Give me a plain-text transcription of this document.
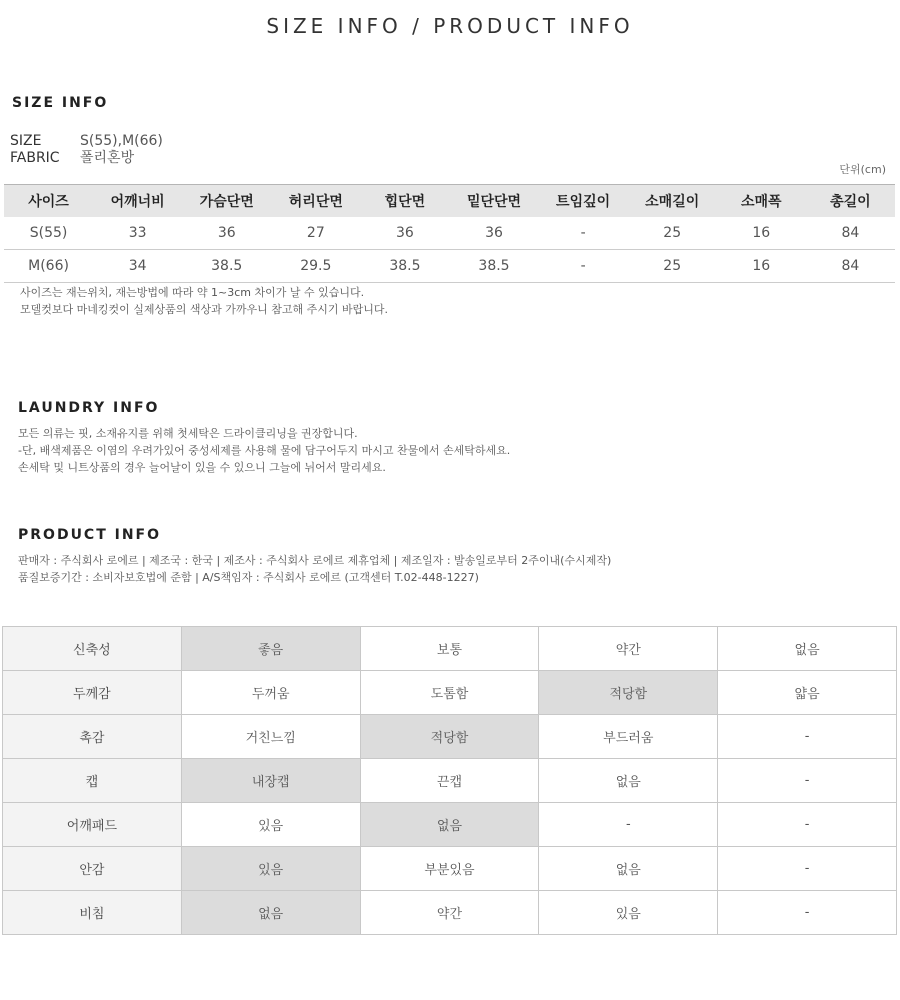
SIZE INFO / PRODUCT INFO
SIZE INFO
SIZE	S(55),M(66)
FABRIC	폴리혼방
단위(cm)
사이즈	어깨너비	가슴단면	허리단면	힙단면	밑단단면	트임깊이	소매길이	소매폭	총길이
S(55)	33	36	27	36	36	-	25	16	84
M(66)	34	38.5	29.5	38.5	38.5	-	25	16	84
사이즈는 재는위치, 재는방법에 따라 약 1~3cm 차이가 날 수 있습니다.
모델컷보다 마네킹컷이 실제상품의 색상과 가까우니 참고해 주시기 바랍니다.
LAUNDRY INFO
모든 의류는 핏, 소재유지를 위해 첫세탁은 드라이클리닝을 권장합니다.
-단, 배색제품은 이염의 우려가있어 중성세제를 사용해 물에 담구어두지 마시고 찬물에서 손세탁하세요.
손세탁 및 니트상품의 경우 늘어날이 있을 수 있으니 그늘에 뉘어서 말리세요.
PRODUCT INFO
판매자 : 주식회사 로에르 | 제조국 : 한국 | 제조사 : 주식회사 로에르 제휴업체 | 제조일자 : 발송일로부터 2주이내(수시제작)
품질보증기간 : 소비자보호법에 준함 | A/S책임자 : 주식회사 로에르 (고객센터 T.02-448-1227)
신축성	좋음	보통	약간	없음
두께감	두꺼움	도톰함	적당함	얇음
촉감	거친느낌	적당함	부드러움	-
캡	내장캡	끈캡	없음	-
어깨패드	있음	없음	-	-
안감	있음	부분있음	없음	-
비침	없음	약간	있음	-
